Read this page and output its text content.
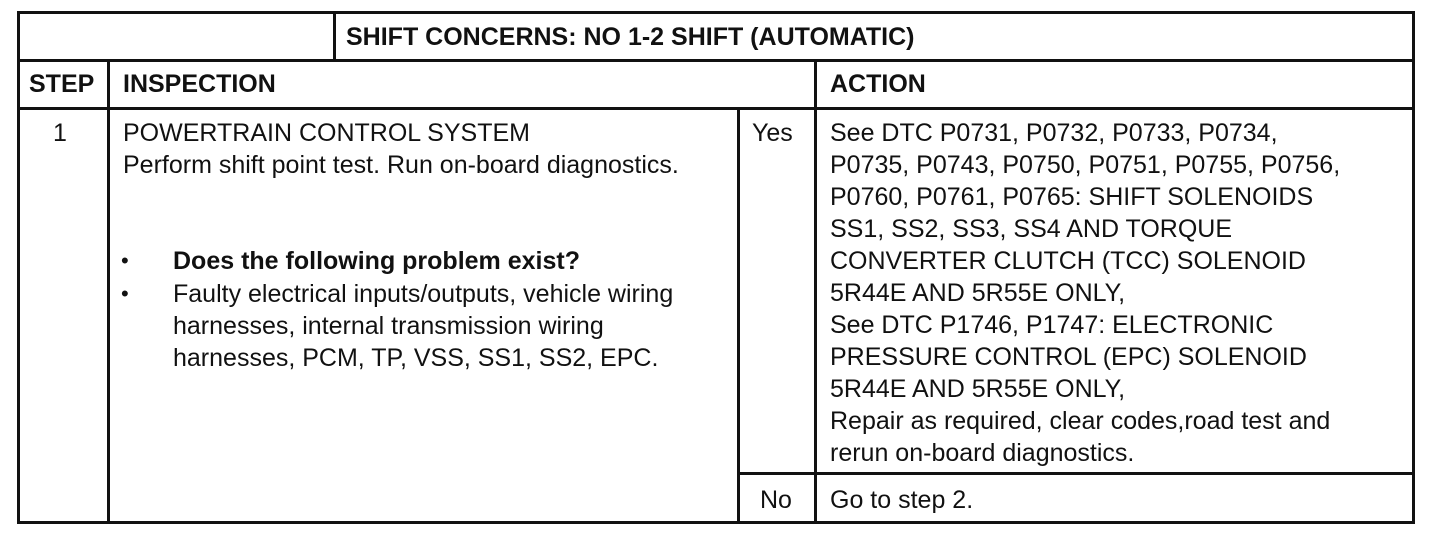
SHIFT CONCERNS: NO 1-2 SHIFT (AUTOMATIC)
STEP INSPECTION	ACTION
1 POWERTRAIN CONTROL SYSTEM
Perform shift point test. Run on-board diagnostics.
• Does the following problem exist?
• Faulty electrical inputs/outputs, vehicle wiring
harnesses, internal transmission wiring
harnesses, PCM, TP, VSS, SS1, SS2, EPC.
Yes
No
See DTC P0731, P0732, P0733, P0734,
P0735, P0743, P0750, P0751, P0755, P0756,
P0760, P0761, P0765: SHIFT SOLENOIDS
SS1, SS2, SS3, SS4 AND TORQUE
CONVERTER CLUTCH (TCC) SOLENOID
5R44E AND 5R55E ONLY,
See DTC P1746, P1747: ELECTRONIC
PRESSURE CONTROL (EPC) SOLENOID
5R44E AND 5R55E ONLY,
Repair as required, clear codes,road test and
rerun on-board diagnostics.
Go to step 2.
